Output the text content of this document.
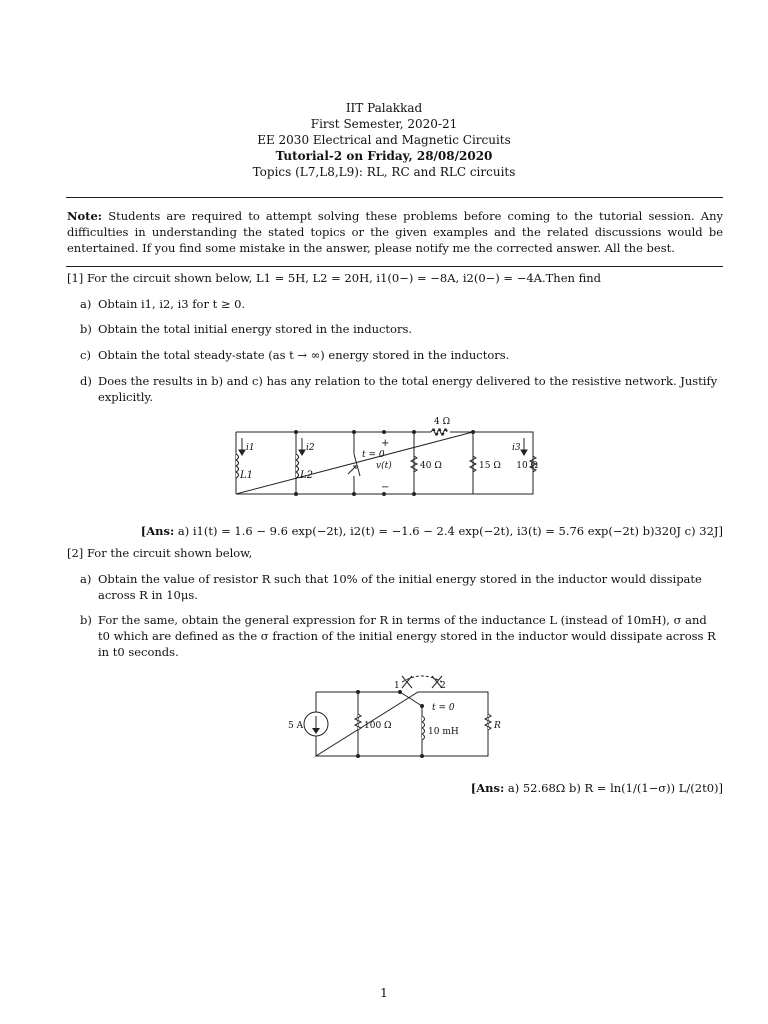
IIT Palakkad
First Semester, 2020-21
EE 2030 Electrical and Magnetic Circuits
Tutorial-2 on Friday, 28/08/2020
Topics (L7,L8,L9): RL, RC and RLC circuits
Note: Students are required to attempt solving these problems before coming to the tutorial session. Any difficulties in understanding the stated topics or the given examples and the related discussions would be entertained. If you find some mistake in the answer, please notify me the corrected answer. All the best.
[1] For the circuit shown below, L1 = 5H, L2 = 20H, i1(0−) = −8A, i2(0−) = −4A.Then find
a) Obtain i1, i2, i3 for t ≥ 0.
b) Obtain the total initial energy stored in the inductors.
c) Obtain the total steady-state (as t → ∞) energy stored in the inductors.
d) Does the results in b) and c) has any relation to the total energy delivered to the resistive network. Justify explicitly.
i1	i2
L1	L2
t = 0
+
−
v(t)	40 Ω
4 Ω
15 Ω
i3
10 Ω
[Ans: a) i1(t) = 1.6 − 9.6 exp(−2t), i2(t) = −1.6 − 2.4 exp(−2t), i3(t) = 5.76 exp(−2t) b)320J c) 32J]
[2] For the circuit shown below,
a) Obtain the value of resistor R such that 10% of the initial energy stored in the inductor would dissipate across R in 10μs.
b) For the same, obtain the general expression for R in terms of the inductance L (instead of 10mH), σ and t0 which are defined as the σ fraction of the initial energy stored in the inductor would dissipate across R in t0 seconds.
5 A	100 Ω
10 mH
R
1	2
t = 0
[Ans: a) 52.68Ω b) R = ln(1/(1−σ)) L/(2t0)]
1
